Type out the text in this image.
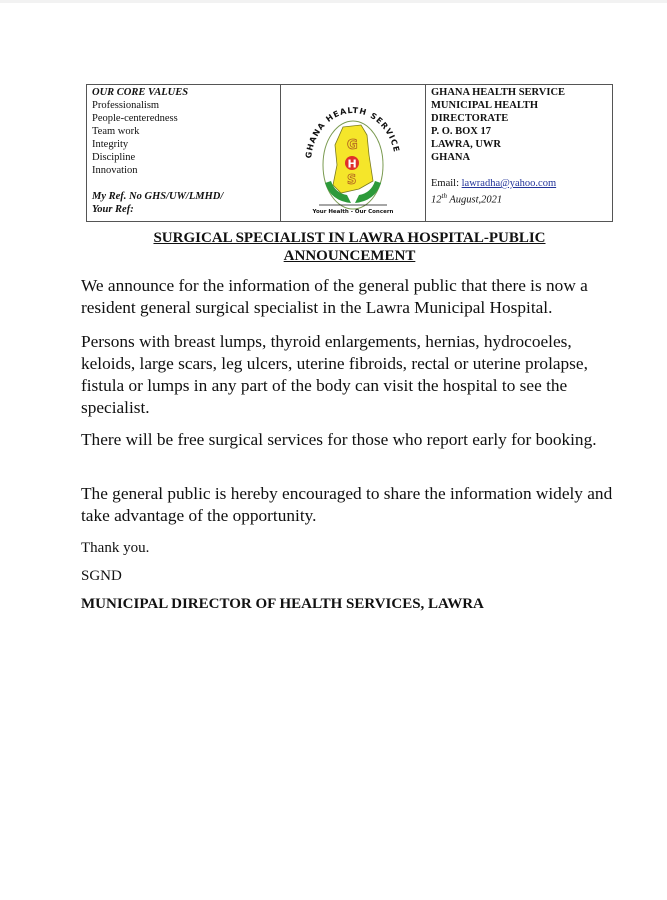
OUR CORE VALUES
Professionalism
People-centeredness
Team work
Integrity
Discipline
Innovation
My Ref. No GHS/UW/LMHD/
Your Ref:

GHANA HEALTH SERVICE
G
H
S
Your Health - Our Concern

GHANA HEALTH SERVICE
MUNICIPAL HEALTH
DIRECTORATE
P. O. BOX 17
LAWRA, UWR
GHANA
Email: lawradha@yahoo.com
12th August,2021
SURGICAL SPECIALIST IN LAWRA HOSPITAL-PUBLIC
ANNOUNCEMENT

We announce for the information of the general public that there is now a resident general surgical specialist in the Lawra Municipal Hospital.

Persons with breast lumps, thyroid enlargements, hernias, hydrocoeles, keloids, large scars, leg ulcers, uterine fibroids, rectal or uterine prolapse, fistula or lumps in any part of the body can visit the hospital to see the specialist.

There will be free surgical services for those who report early for booking.

The general public is hereby encouraged to share the information widely and take advantage of the opportunity.

Thank you.
SGND
MUNICIPAL DIRECTOR OF HEALTH SERVICES, LAWRA
